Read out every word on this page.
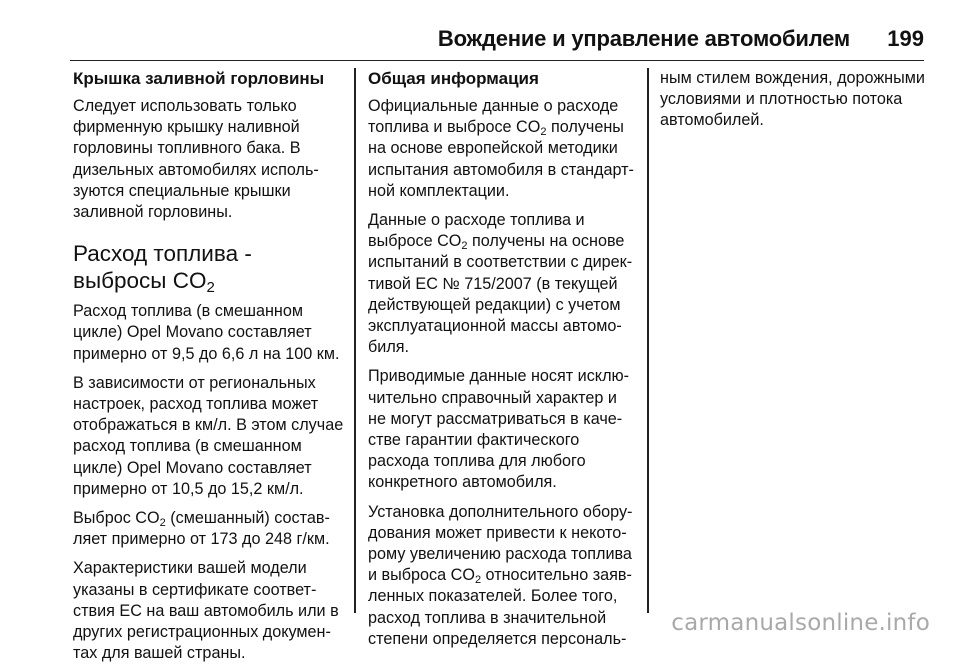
Вождение и управление автомобилем 199
Крышка заливной горловины

Следует использовать только фирменную крышку наливной горловины топливного бака. В дизельных автомобилях исполь-зуются специальные крышки заливной горловины.

Расход топлива -
выбросы $CO_2$

Расход топлива (в смешанном цикле) Opel Movano составляет примерно от 9,5 до 6,6 л на 100 км.

В зависимости от региональных настроек, расход топлива может отображаться в км/л. В этом случае расход топлива (в смешанном цикле) Opel Movano составляет примерно от 10,5 до 15,2 км/л.

Выброс $CO_2$ (смешанный) состав-ляет примерно от 173 до 248 г/км.

Характеристики вашей модели указаны в сертификате соответ-ствия ЕС на ваш автомобиль или в других регистрационных докумен-тах для вашей страны.

Общая информация

Официальные данные о расходе топлива и выбросе $CO_2$ получены на основе европейской методики испытания автомобиля в стандарт-ной комплектации.

Данные о расходе топлива и выбросе $CO_2$ получены на основе испытаний в соответствии с дирек-тивой ЕС № 715/2007 (в текущей действующей редакции) с учетом эксплуатационной массы автомо-биля.

Приводимые данные носят исклю-чительно справочный характер и не могут рассматриваться в каче-стве гарантии фактического расхода топлива для любого конкретного автомобиля.

Установка дополнительного обору-дования может привести к некото-рому увеличению расхода топлива и выброса $CO_2$ относительно заяв-ленных показателей. Более того, расход топлива в значительной степени определяется персональ-

ным стилем вождения, дорожными условиями и плотностью потока автомобилей.

carmanualsonline.info
